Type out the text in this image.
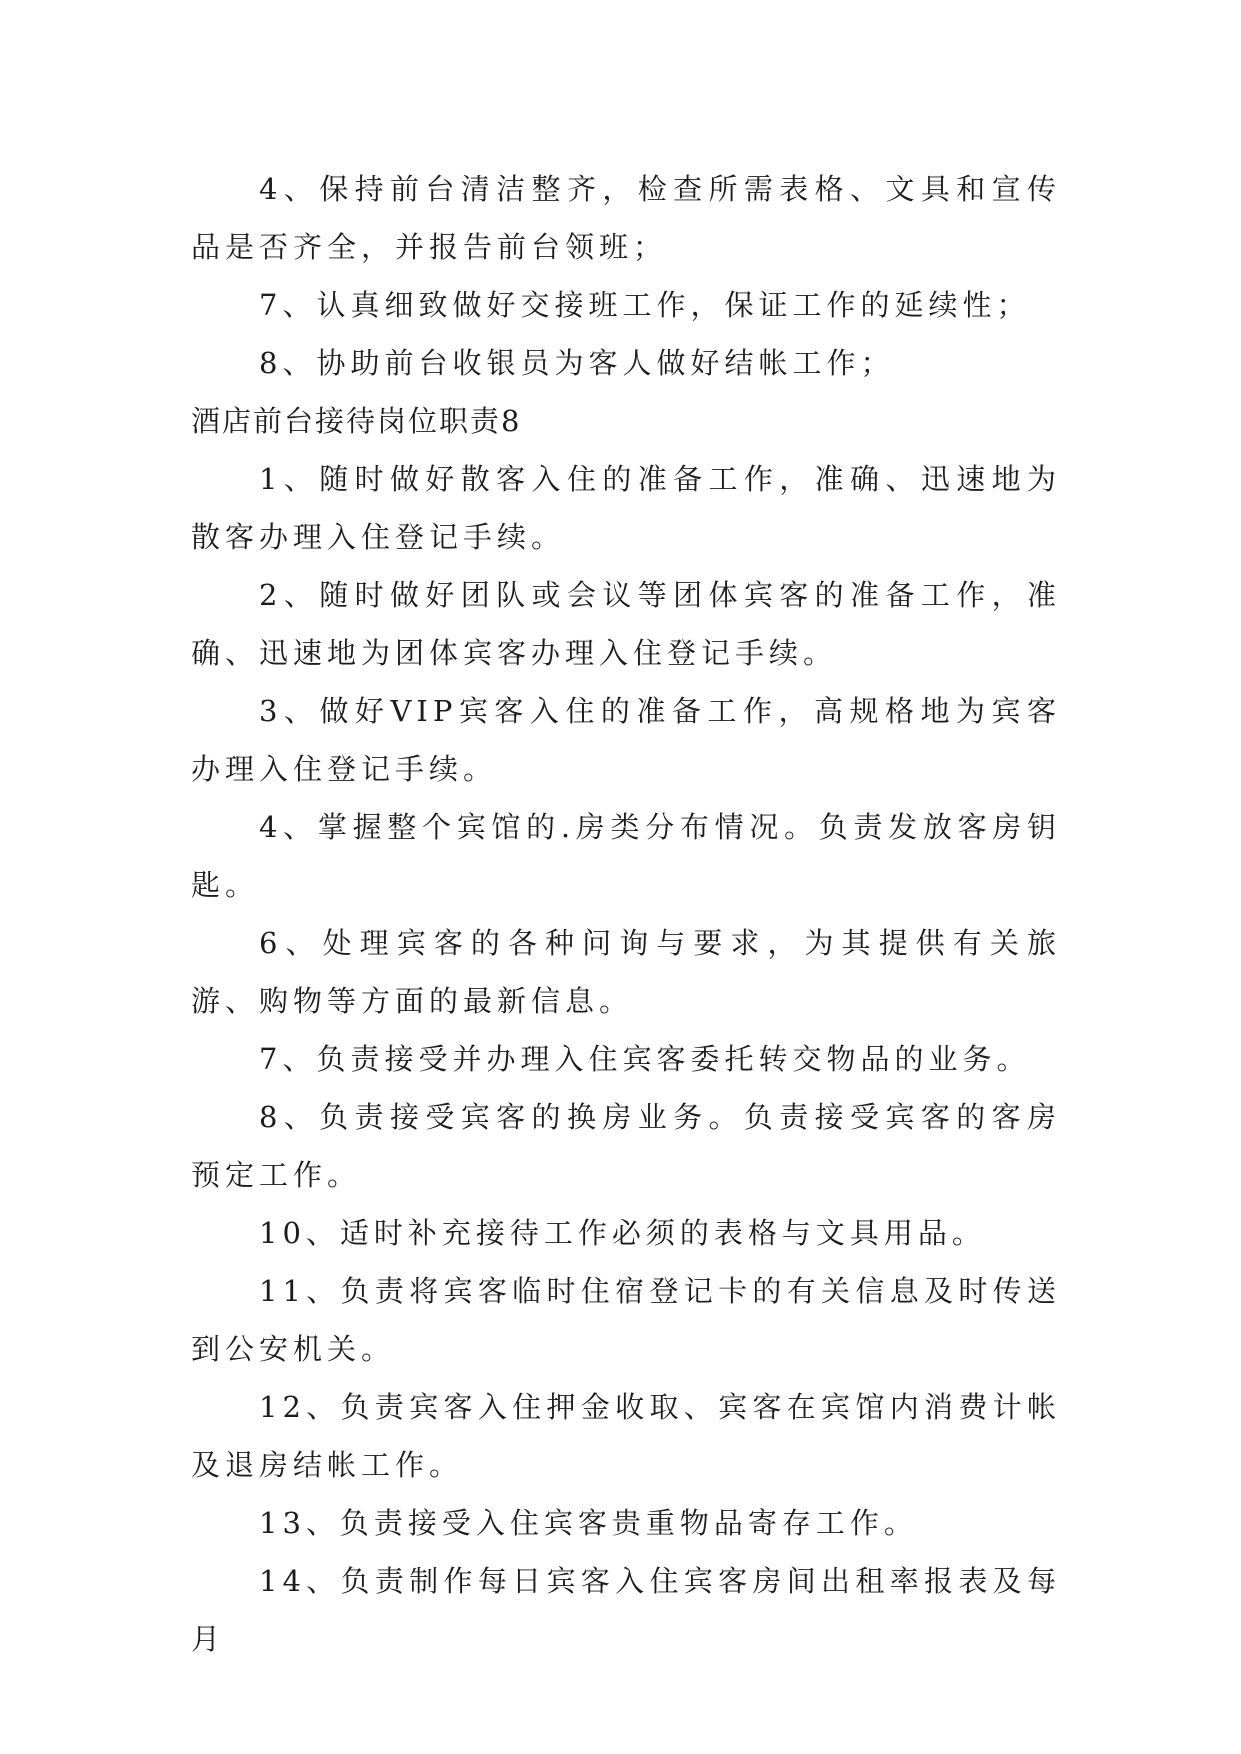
4、保持前台清洁整齐，检查所需表格、文具和宣传品是否齐全，并报告前台领班；

7、认真细致做好交接班工作，保证工作的延续性；

8、协助前台收银员为客人做好结帐工作；

酒店前台接待岗位职责8

1、随时做好散客入住的准备工作，准确、迅速地为散客办理入住登记手续。

2、随时做好团队或会议等团体宾客的准备工作，准确、迅速地为团体宾客办理入住登记手续。

3、做好VIP宾客入住的准备工作，高规格地为宾客办理入住登记手续。

4、掌握整个宾馆的.房类分布情况。负责发放客房钥匙。

6、处理宾客的各种问询与要求，为其提供有关旅游、购物等方面的最新信息。

7、负责接受并办理入住宾客委托转交物品的业务。

8、负责接受宾客的换房业务。负责接受宾客的客房预定工作。

10、适时补充接待工作必须的表格与文具用品。

11、负责将宾客临时住宿登记卡的有关信息及时传送到公安机关。

12、负责宾客入住押金收取、宾客在宾馆内消费计帐及退房结帐工作。

13、负责接受入住宾客贵重物品寄存工作。

14、负责制作每日宾客入住宾客房间出租率报表及每月
